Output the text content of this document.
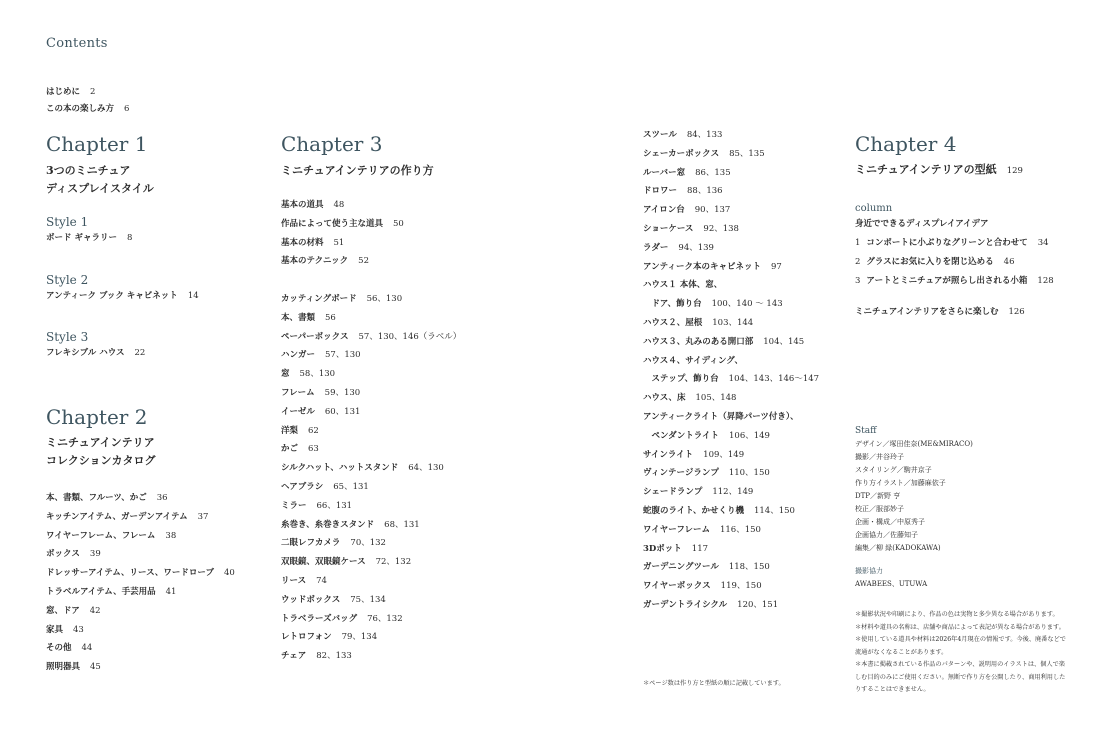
Contents
はじめに 2
この本の楽しみ方 6
Chapter 1
3つのミニチュア
ディスプレイスタイル
Style 1
ボード ギャラリー 8
Style 2
アンティーク ブック キャビネット 14
Style 3
フレキシブル ハウス 22
Chapter 2
ミニチュアインテリア
コレクションカタログ
本、書類、フルーツ、かご 36
キッチンアイテム、ガーデンアイテム 37
ワイヤーフレーム、フレーム 38
ボックス 39
ドレッサーアイテム、リース、ワードローブ 40
トラベルアイテム、手芸用品 41
窓、ドア 42
家具 43
その他 44
照明器具 45
Chapter 3
ミニチュアインテリアの作り方
基本の道具 48
作品によって使う主な道具 50
基本の材料 51
基本のテクニック 52
カッティングボード 56、130
本、書類 56
ペーパーボックス 57、130、146（ラベル）
ハンガー 57、130
窓 58、130
フレーム 59、130
イーゼル 60、131
洋梨 62
かご 63
シルクハット、ハットスタンド 64、130
ヘアブラシ 65、131
ミラー 66、131
糸巻き、糸巻きスタンド 68、131
二眼レフカメラ 70、132
双眼鏡、双眼鏡ケース 72、132
リース 74
ウッドボックス 75、134
トラベラーズバッグ 76、132
レトロフォン 79、134
チェア 82、133
スツール 84、133
シェーカーボックス 85、135
ルーバー窓 86、135
ドロワー 88、136
アイロン台 90、137
ショーケース 92、138
ラダー 94、139
アンティーク本のキャビネット 97
ハウス１ 本体、窓、
　ドア、飾り台 100、140 〜 143
ハウス２、屋根 103、144
ハウス３、丸みのある開口部 104、145
ハウス４、サイディング、
　ステップ、飾り台 104、143、146〜147
ハウス、床 105、148
アンティークライト（昇降パーツ付き）、
　ペンダントライト 106、149
サインライト 109、149
ヴィンテージランプ 110、150
シェードランプ 112、149
蛇腹のライト、かせくり機 114、150
ワイヤーフレーム 116、150
3Dポット 117
ガーデニングツール 118、150
ワイヤーボックス 119、150
ガーデントライシクル 120、151
＊ページ数は作り方と型紙の順に記載しています。
Chapter 4
ミニチュアインテリアの型紙 129
column
身近でできるディスプレイアイデア
1 コンポートに小ぶりなグリーンと合わせて 34
2 グラスにお気に入りを閉じ込める 46
3 アートとミニチュアが照らし出される小箱 128
ミニチュアインテリアをさらに楽しむ 126
Staff
デザイン／塚田佳奈(ME&MIRACO)
撮影／井谷玲子
スタイリング／駒井京子
作り方イラスト／加藤麻依子
DTP／新野 亨
校正／服部妙子
企画・構成／中原秀子
企画協力／佐藤知子
編集／柳 緑(KADOKAWA)
撮影協力
AWABEES、UTUWA

＊撮影状況や印刷により、作品の色は実物と多少異なる場合があります。

＊材料や道具の名称は、店舗や商品によって表記が異なる場合があります。

＊使用している道具や材料は2026年4月現在の情報です。今後、廃番などで流通がなくなることがあります。

＊本書に掲載されている作品のパターンや、説明用のイラストは、個人で楽しむ目的のみにご使用ください。無断で作り方を公開したり、商用利用したりすることはできません。
